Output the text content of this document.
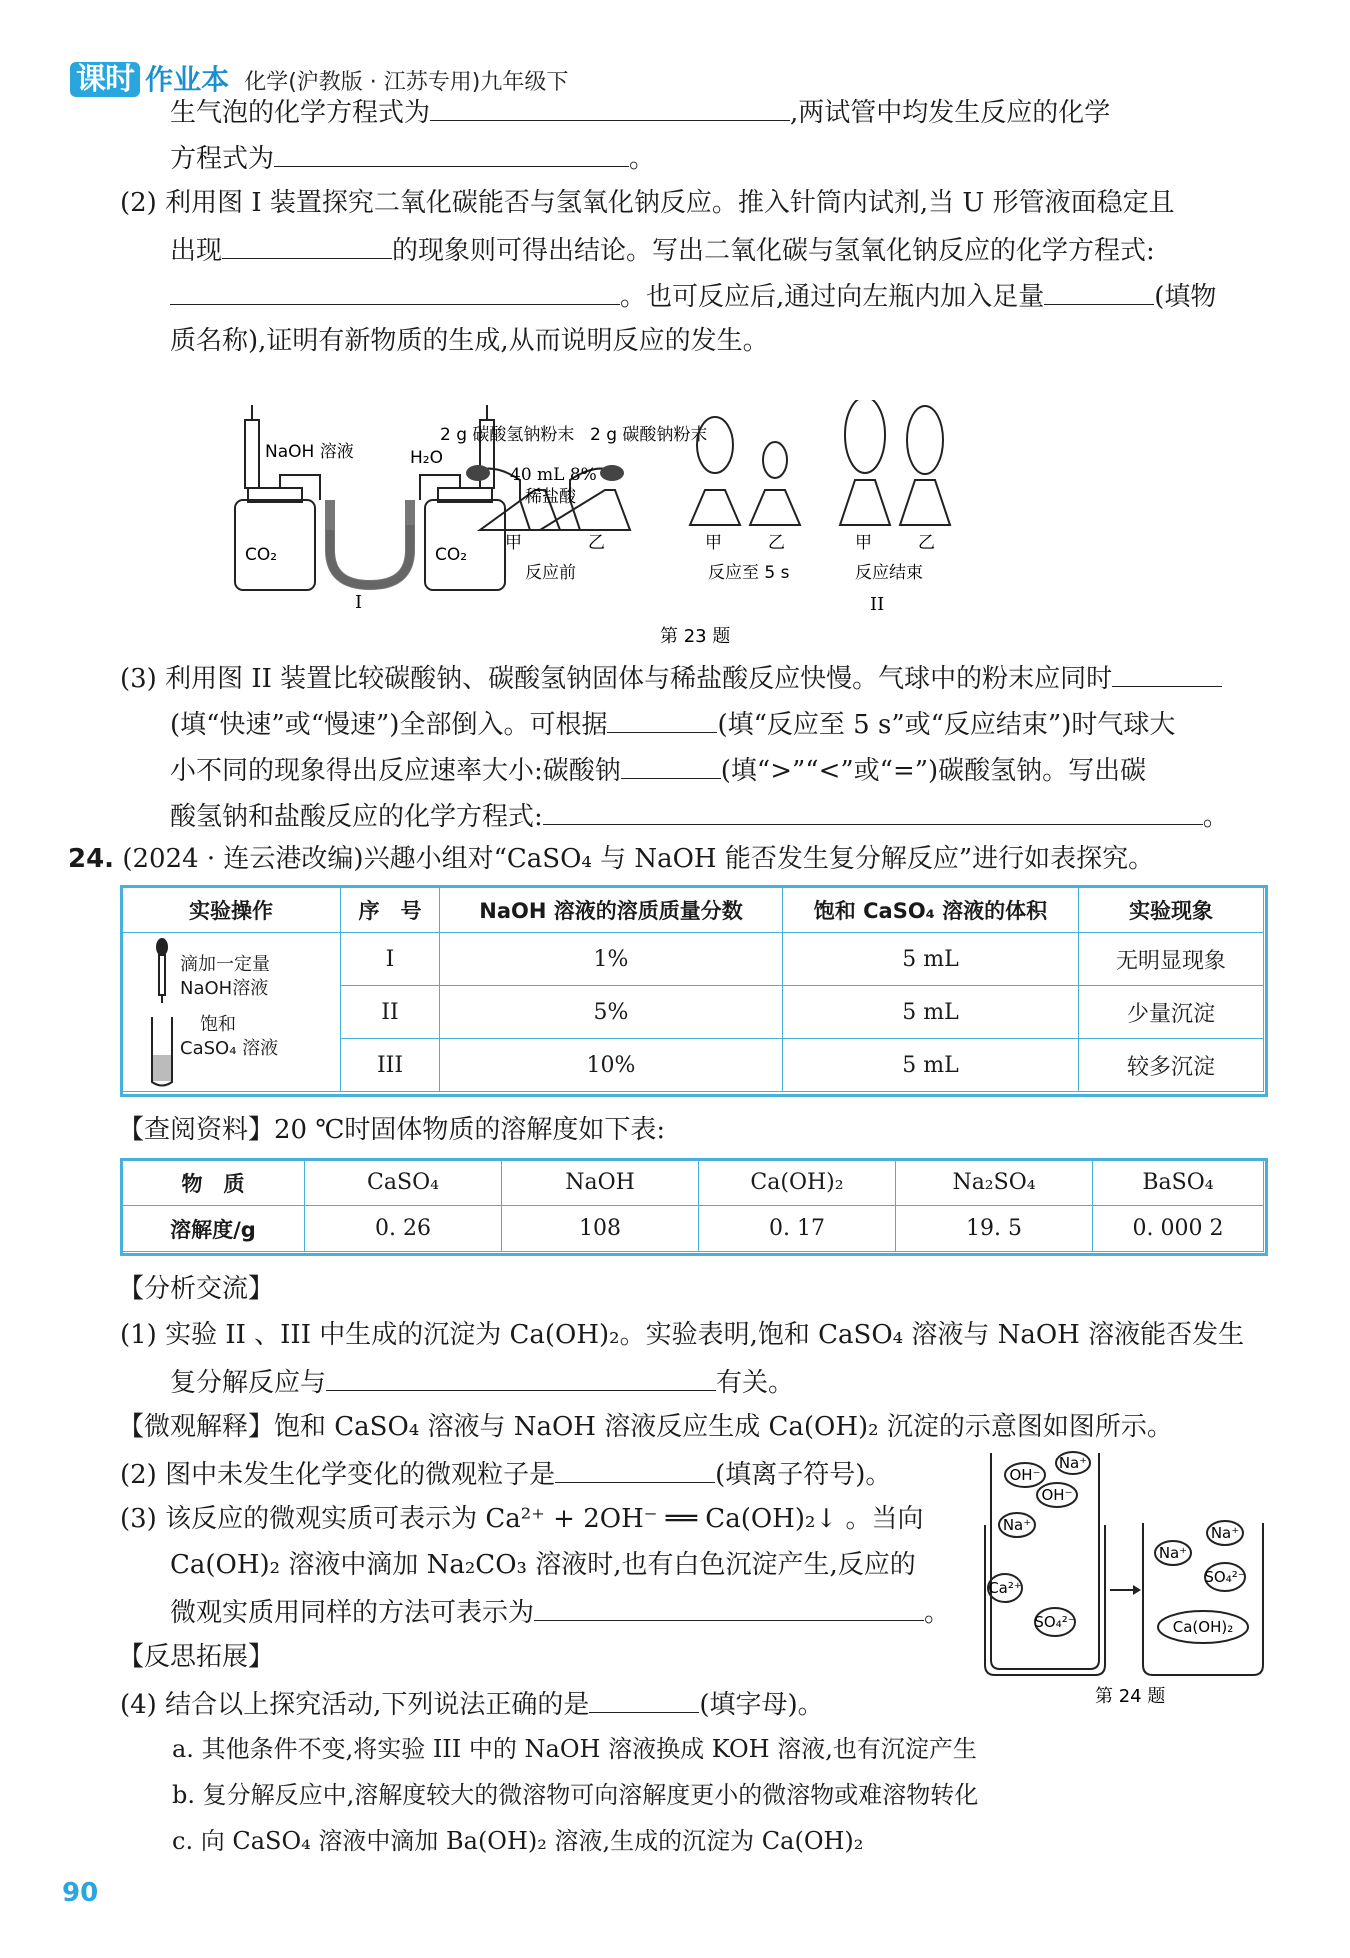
课时 作业本 化学(沪教版 · 江苏专用)九年级下
生气泡的化学方程式为	,两试管中均发生反应的化学
方程式为	。
(2) 利用图 I 装置探究二氧化碳能否与氢氧化钠反应。推入针筒内试剂,当 U 形管液面稳定且
出现	的现象则可得出结论。写出二氧化碳与氢氧化钠反应的化学方程式:
。也可反应后,通过向左瓶内加入足量	(填物
质名称),证明有新物质的生成,从而说明反应的发生。
NaOH 溶液	H₂O
CO₂	CO₂
I
2 g 碳酸氢钠粉末 2 g 碳酸钠粉末
40 mL 8%
稀盐酸
甲	乙
反应前
甲	乙
反应至 5 s
甲	乙
反应结束
II
第 23 题
(3) 利用图 II 装置比较碳酸钠、碳酸氢钠固体与稀盐酸反应快慢。气球中的粉末应同时
(填“快速”或“慢速”)全部倒入。可根据	(填“反应至 5 s”或“反应结束”)时气球大
小不同的现象得出反应速率大小:碳酸钠	(填“>”“<”或“=”)碳酸氢钠。写出碳
酸氢钠和盐酸反应的化学方程式:	。
24. (2024 · 连云港改编)兴趣小组对“CaSO₄ 与 NaOH 能否发生复分解反应”进行如表探究。
实验操作	序　号	NaOH 溶液的溶质质量分数	饱和 CaSO₄ 溶液的体积	实验现象

滴加一定量
NaOH溶液
饱和
CaSO₄ 溶液	I	1%	5 mL	无明显现象
	II	5%	5 mL	少量沉淀
	III	10%	5 mL	较多沉淀
【查阅资料】20 ℃时固体物质的溶解度如下表:
物　质	CaSO₄	NaOH	Ca(OH)₂	Na₂SO₄	BaSO₄
溶解度/g	0. 26	108	0. 17	19. 5	0. 000 2
【分析交流】
(1) 实验 II 、III 中生成的沉淀为 Ca(OH)₂。实验表明,饱和 CaSO₄ 溶液与 NaOH 溶液能否发生
复分解反应与	有关。
【微观解释】饱和 CaSO₄ 溶液与 NaOH 溶液反应生成 Ca(OH)₂ 沉淀的示意图如图所示。
(2) 图中未发生化学变化的微观粒子是	(填离子符号)。
(3) 该反应的微观实质可表示为 Ca²⁺ + 2OH⁻ ══ Ca(OH)₂↓ 。当向
Ca(OH)₂ 溶液中滴加 Na₂CO₃ 溶液时,也有白色沉淀产生,反应的
微观实质用同样的方法可表示为	。
【反思拓展】
(4) 结合以上探究活动,下列说法正确的是	(填字母)。
a. 其他条件不变,将实验 III 中的 NaOH 溶液换成 KOH 溶液,也有沉淀产生
b. 复分解反应中,溶解度较大的微溶物可向溶解度更小的微溶物或难溶物转化
c. 向 CaSO₄ 溶液中滴加 Ba(OH)₂ 溶液,生成的沉淀为 Ca(OH)₂
OH⁻
Na⁺
OH⁻
Na⁺
Ca²⁺
SO₄²⁻
Na⁺
Na⁺
SO₄²⁻
Ca(OH)₂
第 24 题
90
